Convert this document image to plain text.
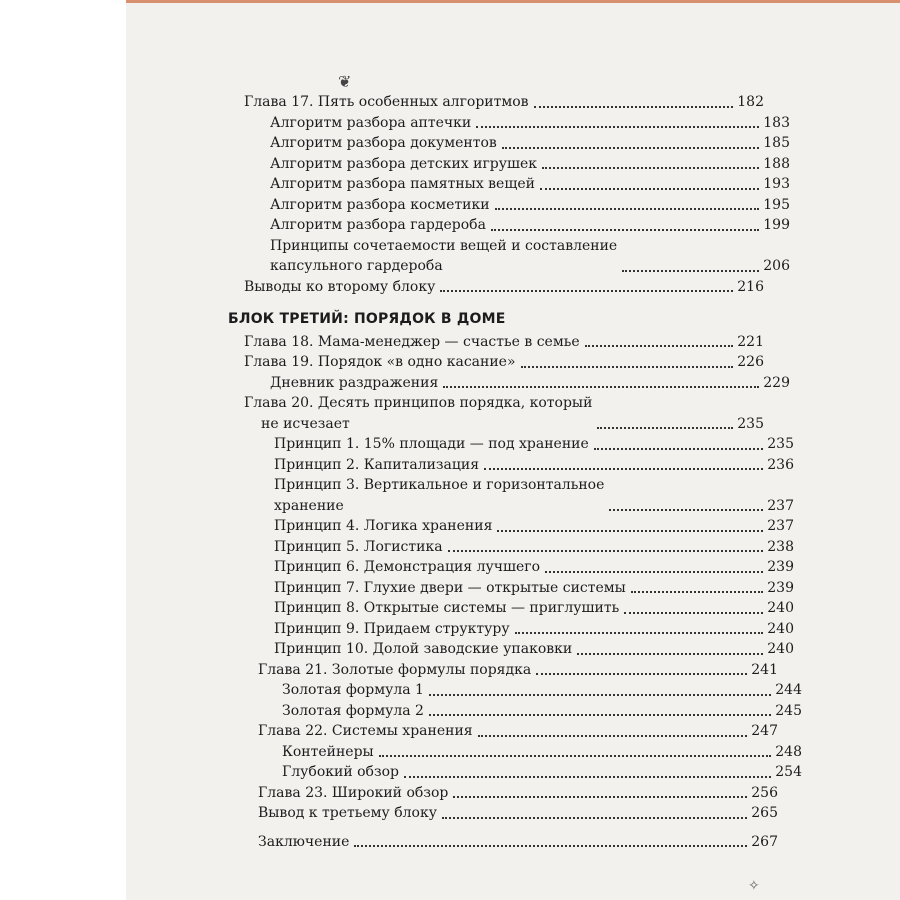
❦
✧
Глава 17. Пять особенных алгоритмов	182
Алгоритм разбора аптечки	183
Алгоритм разбора документов	185
Алгоритм разбора детских игрушек	188
Алгоритм разбора памятных вещей	193
Алгоритм разбора косметики	195
Алгоритм разбора гардероба	199
Принципы сочетаемости вещей и составление
капсульного гардероба	206
Выводы ко второму блоку	216
БЛОК ТРЕТИЙ: ПОРЯДОК В ДОМЕ
Глава 18. Мама-менеджер — счастье в семье	221
Глава 19. Порядок «в одно касание»	226
Дневник раздражения	229
Глава 20. Десять принципов порядка, который
не исчезает	235
Принцип 1. 15% площади — под хранение	235
Принцип 2. Капитализация	236
Принцип 3. Вертикальное и горизонтальное
хранение	237
Принцип 4. Логика хранения	237
Принцип 5. Логистика	238
Принцип 6. Демонстрация лучшего	239
Принцип 7. Глухие двери — открытые системы	239
Принцип 8. Открытые системы — приглушить	240
Принцип 9. Придаем структуру	240
Принцип 10. Долой заводские упаковки	240
Глава 21. Золотые формулы порядка	241
Золотая формула 1	244
Золотая формула 2	245
Глава 22. Системы хранения	247
Контейнеры	248
Глубокий обзор	254
Глава 23. Широкий обзор	256
Вывод к третьему блоку	265
Заключение	267
